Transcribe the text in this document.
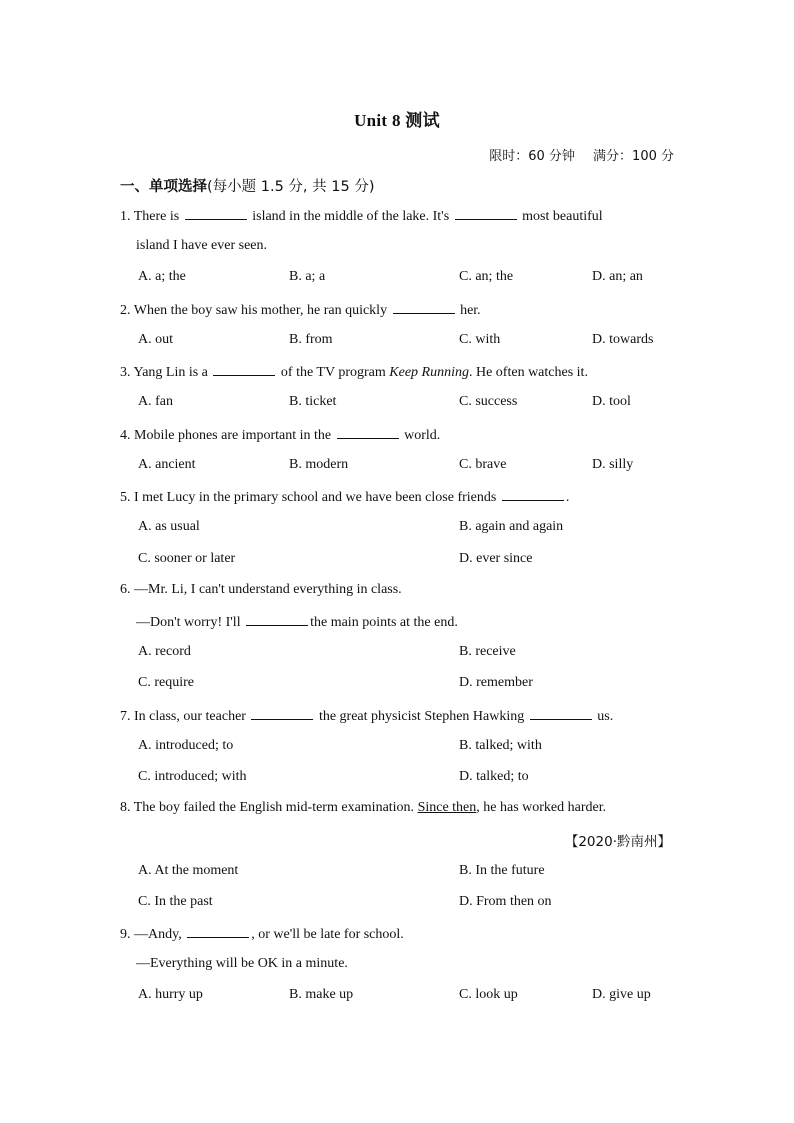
Unit 8 测试
限时：60 分钟 满分：100 分
一、单项选择(每小题 1.5 分, 共 15 分)
1. There is	island in the middle of the lake. It's	most beautiful
island I have ever seen.
A. a; the	B. a; a	C. an; the	D. an; an
2. When the boy saw his mother, he ran quickly	her.
A. out	B. from	C. with	D. towards
3. Yang Lin is a	of the TV program Keep Running. He often watches it.
A. fan	B. ticket	C. success	D. tool
4. Mobile phones are important in the	world.
A. ancient	B. modern	C. brave	D. silly
5. I met Lucy in the primary school and we have been close friends	.
A. as usual	B. again and again
C. sooner or later	D. ever since
6. —Mr. Li, I can't understand everything in class.
—Don't worry! I'll	the main points at the end.
A. record	B. receive
C. require	D. remember
7. In class, our teacher	the great physicist Stephen Hawking	us.
A. introduced; to	B. talked; with
C. introduced; with	D. talked; to
8. The boy failed the English mid-term examination. Since then, he has worked harder.
【2020·黔南州】
A. At the moment	B. In the future
C. In the past	D. From then on
9. —Andy,	, or we'll be late for school.
—Everything will be OK in a minute.
A. hurry up	B. make up	C. look up	D. give up
